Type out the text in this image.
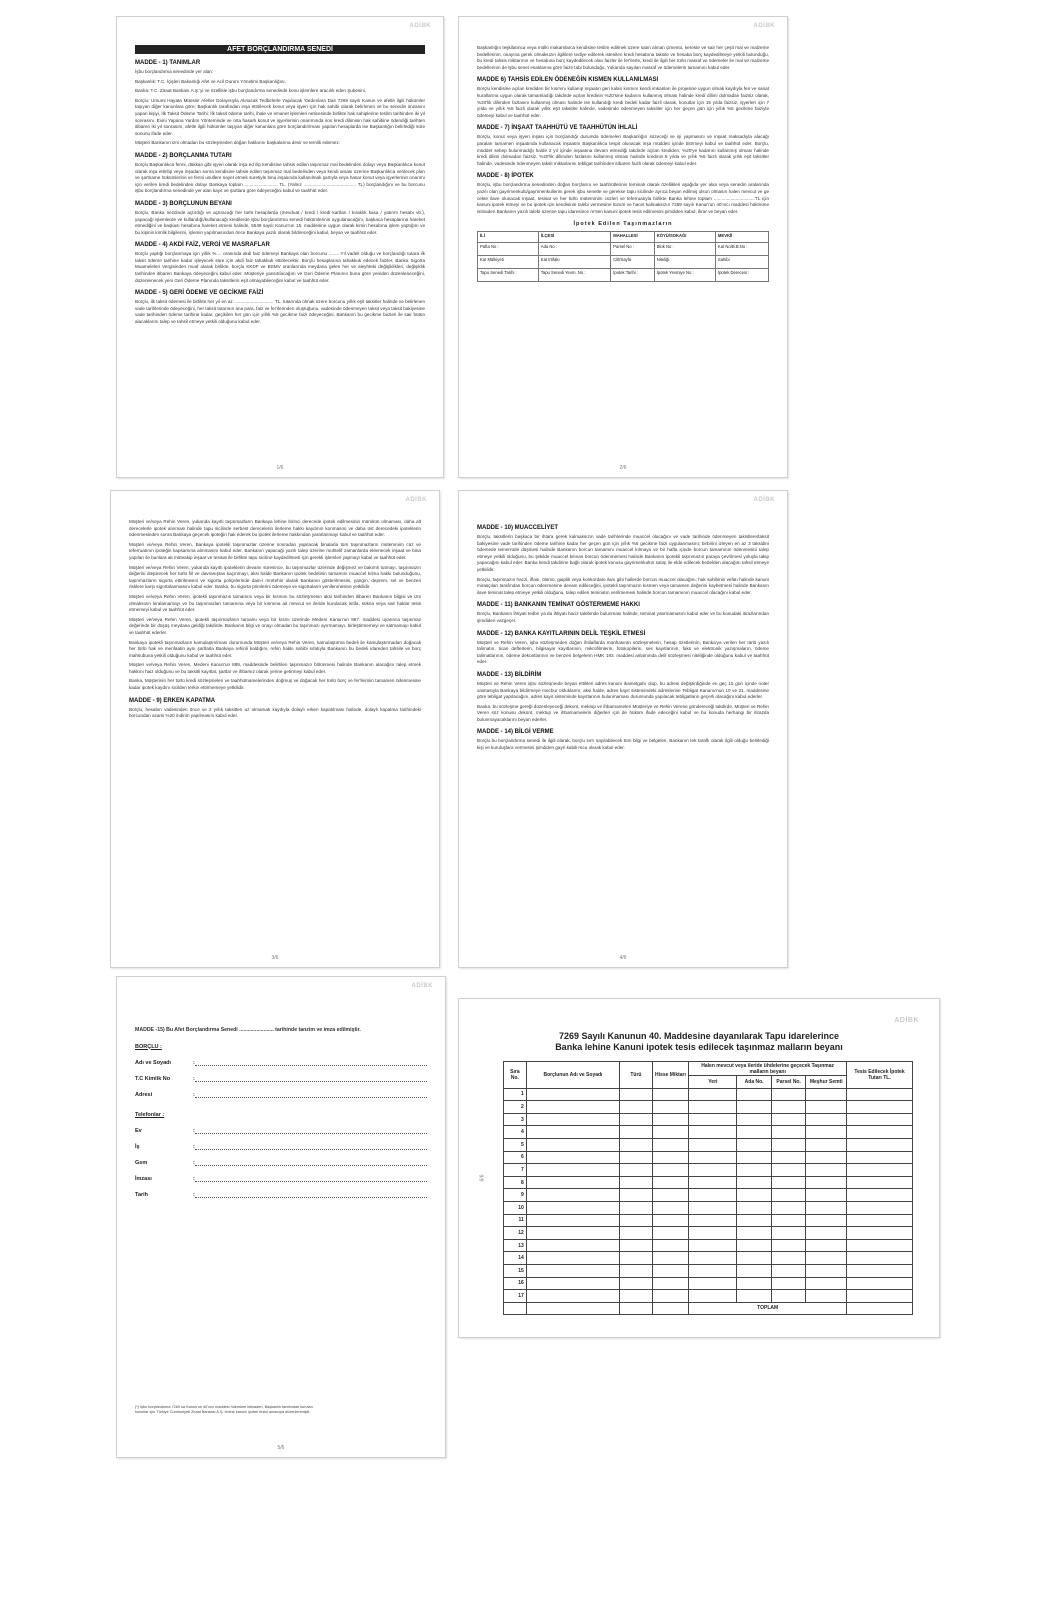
ADİBK
AFET BORÇLANDIRMA SENEDİ
MADDE - 1) TANIMLAR

İşbu borçlandırma senedinde yer alan:

Başkanlık: T.C. İçişleri Bakanlığı Afet ve Acil Durum Yönetimi Başkanlığını,

Banka: T.C. Ziraat Bankası A.Ş.'yi ve özellikle işbu borçlandırma senedinde konu işlemlere aracılık eden Şubesini,

Borçlu: Umumi Hayata Müessir Afetler Dolayısıyla Alınacak Tedbirlerle Yapılacak Yardımlara Dair 7269 sayılı Kanun ve afetle ilgili hükümler taşıyan diğer kanunlara göre; Başkanlık tarafından inşa ettirilecek konut veya işyeri için hak sahibi olarak belirlenen ve bu senedin imzasını yapan kişiyi, İlk Taksit Ödeme Tarihi: İlk taksit ödeme tarihi, ihale ve emanet işlemleri neticesinde birlikte hak sahiplerine teslim tarihinden iki yıl sonrasını. Evini Yapana Yardım Yönteminde ve orta hasarlı konut ve işyerlerinin onarımında son kredi diliminin hak sahibine ödendiği tarihten itibaren iki yıl sonrasını, afetle ilgili hükümler taşıyan diğer kanunlara göre borçlandırılması yapılan hesaplarda ise Başkanlığın belirlediği süre sonunu ifade eder.

Müşteri Bankanın izni olmadan bu sözleşmeden doğan haklarını başkalarına devir ve temlik edemez.

MADDE - 2) BORÇLANMA TUTARI

Borçlu Başkanlıkca fenni, dükkan gibi işyeri olarak inşa ed ilip kendisine tahsis edilen taşınmaz mal bedelinden dolayı veya Başkanlıkca konut olarak inşa ettirilip veya inşadan sonra kendisine tahsis edilen taşınmaz mal bedelinden veya kendi arsası üzerine Başkanlıkca verilecek plan ve şartname hükümlerine ve fenni usullere nayet etmek suretiyle bina inşasında kullanılmak şartıyla veya hasar konut veya işyerlerinin onarımı için verilen kredi bedelinden dolayı Bankaya toplam .......................... TL. (Yalnız ......................................... TL) borçlandığını ve bu borcunu işbu borçlandırma senedinde yer alan kayıt ve şartlara göre ödeyeceğini kabul ve taahhüt eder.

MADDE - 3) BORÇLUNUN BEYANI

Borçlu, Banka nezdinde açtırdığı ve açtıracağı her türlü hesaplarda (mevduat / kredi / kredi kartları / kıraklık kasa / yatırım hesabı vb.), yapacağı işlemlerde ve kullandığı/kullanacağı kredilerde işbu borçlandırma senedi hükümlerinin uygulanacağını, başkaca hesaplarına hareket etmediğini ve başkası hesabına hareket etmesi halinde, 5549 sayılı Kanun'un 15. maddesine uygun olarak kimin hesabına işlem yaptığını ve bu kişinin kimlik bilgilerini, işlemin yapılmasından önce Bankaya yazılı olarak bildireceğini kabul, beyan ve taahhüt eder.

MADDE - 4) AKDİ FAİZ, VERGİ VE MASRAFLAR

Borçlu yaptığı borçlanmaya için yıllık %.... oranında akdi faiz ödemeyi Bankaya olan borcunu ........ Yıl vadeli olduğu ve borçlandığı tutara ilk taksit ödeme tarihine kadar işleyecek süre için akdi faiz tahakkuk ettirilecektir. Borçlu hesaplarına tahakkuk edecek faizler, Banka Sigorta Muameleleri Vergisinden muaf olarak birlikte, borçlu KKDF ve BSMV oranlarında meydana gelen her ve aleyhteki değişiklikleri, değişiklik tarihinden itibaren Bankaya ödeyeceğini kabul eder. Müşteriye yansıtılacağını ve Geri Ödeme Planının buna göre yeniden düzenleneceğini, düzenlenecek yeni Geri Ödeme Planında taksitlerin eşit olmayabileceğini kabul ve taahhüt eder.

MADDE - 5) GERİ ÖDEME VE GECİKME FAİZİ

Borçlu, ilk taksit ödemesi ile birlikte her yıl en az ............................... TL. tutarında olmak üzere borcunu yıllık eşit taksitler halinde ve belirlenen vade tarihlerinde ödeyeceğini, her taksit tutarının ana para, faiz ve fer'ilerinden oluştuğunu, vadesinde ödenmeyen taksit veya taksit bakiyesine vade tarihinden ödeme tarihine kadar, geçikilen her gün için yıllık %5 gecikme faizi ödeyeceğini. Bankanın bu gecikme faizleri ile sair bütün alacaklarını talep ve tahsil etmeye yetkili olduğunu kabul eder.

1/6
ADİBK

Başkanlığın teşkilatınca veya mülki makamlarca kendisine teslim edilmek üzere satın alınan çimento, kereste ve sair her çeşit mal ve malzeme bedellerinin, onayına gerek olmaksızın ilgililere tediye edilerek istenilen kredi hesabına taksite ve hesaba borç kaydedilmeye yetkili bulunduğu, bu kredi tahsis miktarının ve hesabına borç kaydedilecek olan faizler ile fer'ilerle, kredi ile ilgili her türlü masraf ve ödemeler ile mal ve malzeme bedellerinin de işbu senet esaslarına göre faize tabi bulunduğu, Yukarıda sayılan masraf ve ödemelerin tamamını kabul eder.

MADDE 6) TAHSİS EDİLEN ÖDENEĞİN KISMEN KULLANILMASI

Borçlu kendisine açılan krediden bir kısmını kullanıp inşaatın geri kalan kısmını kendi imkanları ile projesine uygun olmak kaydıyla fen ve sanat kurallarına uygun olarak tamamladığı takdirde açılan kredinin %20'sine kadarını kullanmış olması halinde kredi dilimi dolmadan faizsiz olarak, %20'lik dilimden fazlasını kullanmış olması halinde ise kullandığı kredi bedeli kadar faizli olarak, konutlar için 15 yılda faizsiz, işyerleri için 7 yılda ve yıllık %5 faizli olarak yıllık eşit taksitler halinde, vadesinde ödenmeyen taksitler için her geçen gün için yıllık %5 gecikme faiziyle ödemeyi kabul ve taahhüt eder.

MADDE - 7) İNŞAAT TAAHHÜTÜ VE TAAHHÜTÜN İHLALİ

Borçlu, konut veya işyeri inşası için borçlandığı durumda ödemeleri Başkanlığın süzeceği ve işi yapmasını ve inşaat maksadıyla alacağı paraları tamamen inşaatında kullanacak inşaatını Başkanlıkca tespit olunacak inşa müddeti içinde bitirmeyi kabul ve taahhüt eder. Borçlu, müddet sebep bulunmadığı halde 2 yıl içinde inşaatına devam etmediği takdirde açılan krediden, %20'ye kadarını kullanmış olması halinde kredi dilimi dolmadan faizsiz, %20'lik dilimden fazlasını kullanmış olması halinde kredinin 5 yılda ve yıllık %5 faizli olarak yıllık eşit taksitler halinde, vadesinde ödenmeyen taksit miktarlarını tebligat tarihinden itibaren faizli olarak ödemeyi kabul eder.

MADDE - 8) İPOTEK

Borçlu, işbu borçlandırma senedinden doğan borçlarını ve taahhütlerinin teminatı olarak özellikleri aşağıda yer alan veya senedin aralarında yazılı olan gayrimenkulü/gayrimenkullerini gerek işbu senetle ve gerekse tapu sicilinde ayrıca beyan edilmiş olsun olmasın halen mevcut ve ge cekte ilave olunacak inşaat, tesisat ve her türlü mütemmim cüzleri ve teferruatıyla birlikte Banka lehine toplam ................................TL için kanuni ipotek etmeyi ve bu ipotek için kendisinin talebi vermesine lüzum ve hacet kalmaksızın 7269 sayılı Kanun'un 40'ıncı maddesi hükmüne istinaden Bankanın yazılı talebi üzerine tapu idaresince re'sen kanuni ipotek tesis edilmesini şimdiden kabul, ikrar ve beyan eder.

İpotek Edilen Taşınmazların
İLİ	İLÇESİ	MAHALLESİ	KÖYÜ/SOKAĞI	MEVKİİ
Pafta No :	Ada No :	Parsel No :	Blok No :	Kat No/B.B.No :
Kat Mülkiyeti	Kat İrtifakı	Cilt/Sayfa	Niteliği	Sahibi
Tapu Senedi Tarihi :	Tapu Senedi Yevm. No :	İpotek Tarihi :	İpotek Yevmiye No :	İpotek Derecesi :
2/6
ADİBK

Müşteri ve/veya Rehin Veren, yukarıda kayıtlı taşınmazların Bankaya lehine birinci derecede ipotek edilmesinin mümkün olmaması, daha alt derecelerle ipotek alınması halinde tapu sicilinde serbest derecelerin ilerleme hakkı kaydının konmasını ve daha üst derecedeki ipoteklerin ödenmesinden sonra Bankaya geçecek ipoteğin hak ederek bu ipotek ilerleme hakkından yararlanmayı kabul ve taahhüt eder.

Müşteri ve/veya Rehin Veren, Bankaya ipotekli taşınmazlar üzerine sonradan yapılacak binalarla tüm taşınmazların mütemmim cüz ve teferruatının ipoteğin kapsamına alınmasını kabul eder. Bankanın yapacağı yazılı talep üzerine muhtelif zamanlarda eklenecek inşaat ve bina yapıları ile bunlara ait müteakip inşaat ve tesisat ile birlikte tapu siciline kaydedilmesi için gerekli işlemleri yapmayı kabul ve taahhüt eder.

Müşteri ve/veya Rehin Veren, yukarıda kayıtlı ipoteklerin devamı süresince, bu taşınmazlar üzerinde değişmez ve bakımlı tutmayı, taşınmazın değerini düşürecek her türlü fiil ve davranıştan kaçınmayı, aksi halde Bankanın ipotek bedelinin tamamını muaccel kılma hakkı bulunduğunu, taşınmazların sigorta ettirilmesini ve sigorta poliçelerinde dain-i mürtehin olarak Bankanın gösterilmesini, yangın, deprem, sel ve benzeri risklere karşı sigortalanmasını kabul eder. Banka, bu sigorta primlerini ödemeye ve sigortaların yenilenmesine yetkilidir.

Müşteri ve/veya Rehin Veren, ipotekli taşınmazın tamamını veya bir kısmını bu sözleşmenin aksi tarihinden itibaren Bankanın bilgisi ve izni olmaksızın kiralamamayı ve bu taşınmazları tamamına veya bir kısmına ait mevcut ve ileride kurulacak intifa, sükna veya sair haklar tesis etmemeyi kabul ve taahhüt eder.

Müşteri ve/veya Rehin Veren, ipotekli taşınmazların tamamı veya bir kısmı üzerinde Medeni Kanun'un 867. maddesi uyarınca taşınmaz değerinde bir düşüş meydana geldiği takdirde, Bankanın bilgi ve onayı olmadan bu taşınmazı ayırmamayı, birleştirmemeyi ve satmamayı kabul ve taahhüt ederler.

Bankaya ipotekli taşınmazların kamulaştırılması durumunda Müşteri ve/veya Rehin Veren, kamulaştırma bedeli ile kamulaştırmadan doğacak her türlü hak ve menfaatin aynı şartlarla Bankaya rehinli kaldığını, rehin hakkı sahibi sıfatıyla Bankanın bu bedeli idareden tahsile ve borç mahsubuna yetkili olduğunu kabul ve taahhüt eder.

Müşteri ve/veya Rehin Veren, Medeni Kanun'un 889. maddesinde belirtilen taşınmazın bölünmesi halinde Bankanın alacağını talep etmek hakkını haiz olduğunu ve bu taksitli kayıtlar, şartlar ve ihbarsız olarak yerine getirmeyi kabul eder.

Banka, Müşterinin her türlü kredi sözleşmeleri ve taahhütnamelerinden doğmuş ve doğacak her türlü borç ve fer'ilerinin tamamen ödenmesine kadar ipotek kaydını sicilden terkin ettirmemeye yetkilidir.

MADDE - 9) ERKEN KAPATMA

Borçlu, hesabın vadesinden önce ve 2 yıllık taksitten az olmamak kaydıyla dolaylı erken kapatılması halinde, dolaylı kapatma tarihindeki borcundan azami %20 indirim yapılmasını kabul eder.

3/6
ADİBK
MADDE - 10) MUACCELİYET

Borçlu, taksitlerin başkaca bir ihtara gerek kalmaksızın vade tarihlerinde muaccel olacağını ve vade tarihinde ödenmeyen taksitlere/taksit bakiyesine vade tarihinden ödeme tarihine kadar her geçen gün için yıllık %5 gecikme faizi uygulanmasını; birbirini izleyen en az 3 taksidini ödemede temerrüde düşmesi halinde Bankanın borcun tamamını muaccel kılmaya ve bir hafta içinde borcun tamamının ödenmesini talep etmeye yetkili olduğunu, bu şekilde muaccel kılınan borcun ödenmemesi halinde Bankanın ipotekli taşınmazın paraya çevrilmesi yoluyla takip yapacağını kabul eder. Banka kendi takdirine bağlı olarak ipotek konusu gayrimenkulün satışı ile elde edilecek bedelden alacağını tahsil etmeye yetkilidir.

Borçlu, taşınmazın haczi, iflası, ölümü, gaiplik veya konkordato ilanı gibi hallerde borcun muaccel olacağını; hak sahibinin vefatı halinde kanuni mirasçıları tarafından borcun ödenmesine devam edileceğini, ipotekli taşınmazın kısmen veya tamamen değerini kaybetmesi halinde Bankanın ilave teminat talep etmeye yetkili olduğunu, talep edilen teminatın verilmemesi halinde borcun tamamının muaccel olacağını kabul eder.

MADDE - 11) BANKANIN TEMİNAT GÖSTERMEME HAKKI

Borçlu, Bankanın ihtiyati tedbir ya da ihtiyati haciz talebinde bulunması halinde, teminat yatırmamasını kabul eder ve bu konudaki itirazlarından şimdiden vazgeçer.

MADDE - 12) BANKA KAYITLARININ DELİL TEŞKİL ETMESİ

Müşteri ve Rehin Veren, işbu sözleşmeden doğan ihtilaflarda münhasıran sözleşmelerin, hesap özetlerinin, Banka'ya verilen her türlü yazılı talimatın, ticari defterlerin, bilgisayar kayıtlarının, mikrofilmlerin, fotokopilerin, ses kayıtlarının, faks ve elektronik yazışmaların, ödeme talimatlarının, ödeme dekontlarının ve benzeri belgelerin HMK 193. maddesi anlamında delil sözleşmesi niteliğinde olduğunu kabul ve taahhüt eder.

MADDE - 13) BİLDİRİM

Müşteri ve Rehin Veren işbu sözleşmede beyan ettikleri adres kanuni ikametgahı olup, bu adresi değiştirdiğinde en geç 15 gün içinde noter vasıtasıyla Bankaya bildirmeye mecbur olduklarını; aksi halde, adres kayıt sistemindeki adreslerine Tebligat Kanunu'nun 10 ve 21. maddesine göre tebligat yapılacağını, adres kayıt sisteminde kayıtlarının bulunmaması durumunda yapılacak tebligatların geçerli olacağını kabul ederler.

Banka, bu sözleşme gereği düzenleyeceği dekont, mektup ve ihbarnameleri Müşteriye ve Rehin Verene göndereceği takdirde, Müşteri ve Rehin Veren söz konusu dekont, mektup ve ihbarnamelerin diğerleri için de hüküm ifade edeceğini kabul ve bu konuda herhangi bir itirazda bulunmayacaklarını beyan ederler.

MADDE - 14) BİLGİ VERME

Borçlu bu borçlandırma senedi ile ilgili olarak, borçlu sırrı sayılabilecek tüm bilgi ve belgeleri, Bankanın tek taraflı olarak ilgili olduğu belirlediği kişi ve kuruluşlara vermesini şimdiden gayri kabili rücu olarak kabul eder.

4/6
ADİBK
MADDE -15) Bu Afet Borçlandırma Senedi ........................ tarihinde tanzim ve imza edilmiştir.
BORÇLU :
Adı ve Soyadı	:
T.C Kimlik No	:
Adresi	:
Telefonlar :
Ev	:
İş	:
Gsm	:
İmzası	:
Tarih	:
(*) İşbu borçlandırma 7269 sa Kanun'un 40'ıncı maddesi hükmüne istinaden, Başkanlık tarafından kurulan konutlar için Türkiye Cumhuriyeti Ziraat Bankası A.Ş. lehine kanuni ipotek tesisi amacıyla düzenlenmiştir.
5/6
ADİBK
7269 Sayılı Kanunun 40. Maddesine dayanılarak Tapu idarelerince
Banka lehine Kanuni ipotek tesis edilecek taşınmaz malların beyanı
6/6
Sıra No.	Borçlunun Adı ve Soyadı	Türü	Hisse Miktarı	Halen mevcut veya ileride ühdelerine geçecek Taşınmaz malların beyanı				Tesis Edilecek İpotek Tutarı TL.
				Yeri	Ada No.	Parsel No.	Meşhur Semti	
1								
2								
3								
4								
5								
6								
7								
8								
9								
10								
11								
12								
13								
14								
15								
16								
17								
				TOPLAM				
